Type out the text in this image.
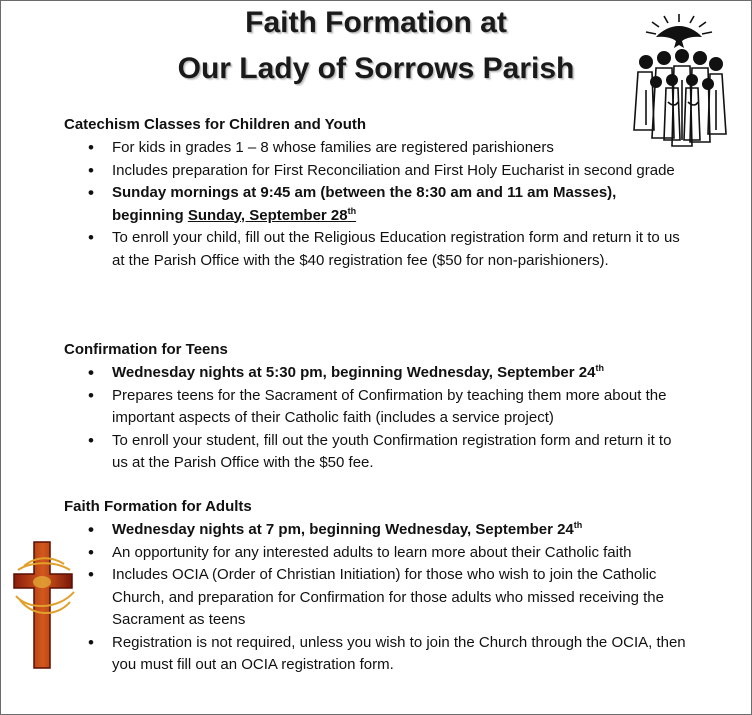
Faith Formation at
Our Lady of Sorrows Parish

Catechism Classes for Children and Youth
• For kids in grades 1 – 8 whose families are registered parishioners
• Includes preparation for First Reconciliation and First Holy Eucharist in second grade
• Sunday mornings at 9:45 am (between the 8:30 am and 11 am Masses), beginning Sunday, September 28th
• To enroll your child, fill out the Religious Education registration form and return it to us at the Parish Office with the $40 registration fee ($50 for non-parishioners).
Confirmation for Teens
• Wednesday nights at 5:30 pm, beginning Wednesday, September 24th
• Prepares teens for the Sacrament of Confirmation by teaching them more about the important aspects of their Catholic faith (includes a service project)
• To enroll your student, fill out the youth Confirmation registration form and return it to us at the Parish Office with the $50 fee.
Faith Formation for Adults
• Wednesday nights at 7 pm, beginning Wednesday, September 24th
• An opportunity for any interested adults to learn more about their Catholic faith
• Includes OCIA (Order of Christian Initiation) for those who wish to join the Catholic Church, and preparation for Confirmation for those adults who missed receiving the Sacrament as teens
• Registration is not required, unless you wish to join the Church through the OCIA, then you must fill out an OCIA registration form.
